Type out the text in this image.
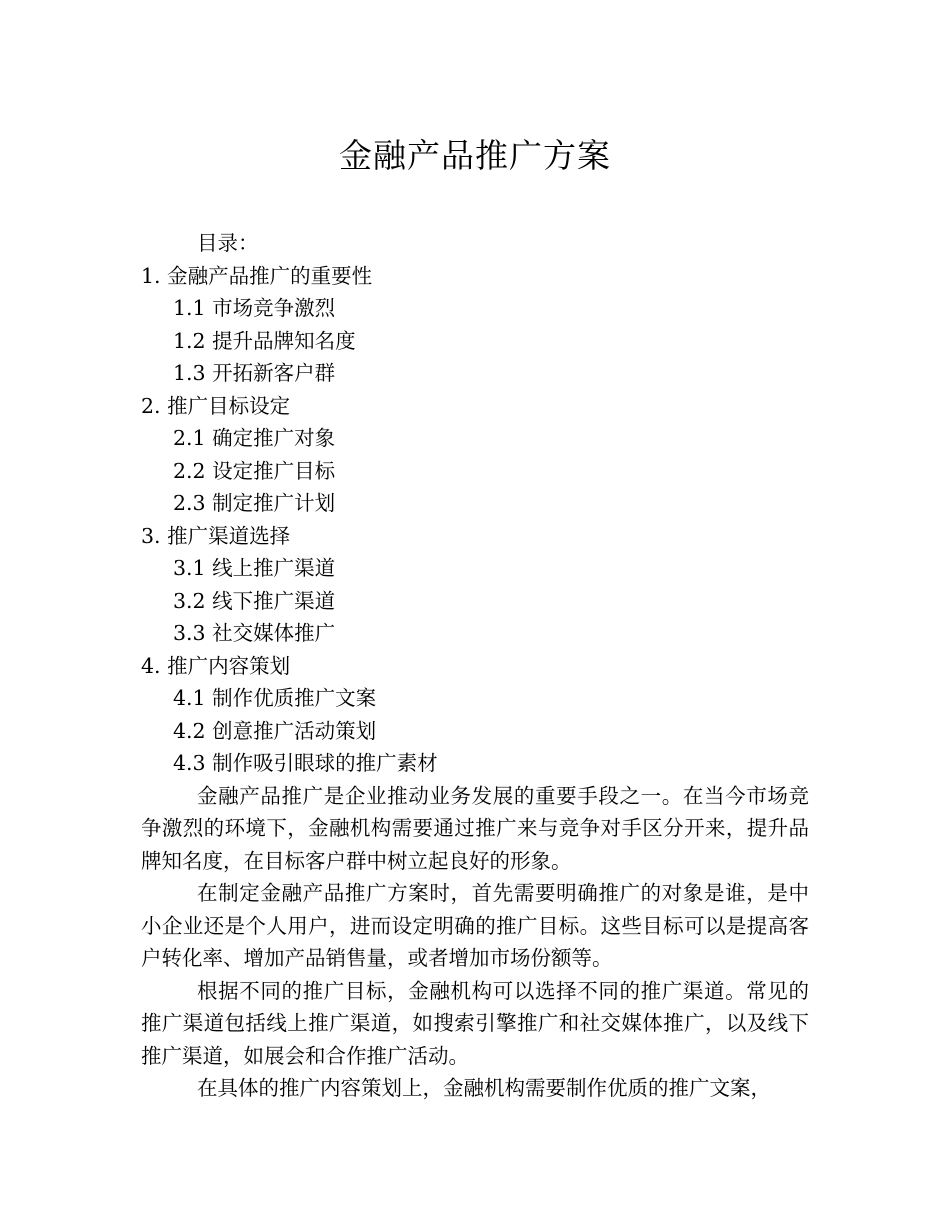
金融产品推广方案
目录：
1. 金融产品推广的重要性
1.1 市场竞争激烈
1.2 提升品牌知名度
1.3 开拓新客户群
2. 推广目标设定
2.1 确定推广对象
2.2 设定推广目标
2.3 制定推广计划
3. 推广渠道选择
3.1 线上推广渠道
3.2 线下推广渠道
3.3 社交媒体推广
4. 推广内容策划
4.1 制作优质推广文案
4.2 创意推广活动策划
4.3 制作吸引眼球的推广素材

金融产品推广是企业推动业务发展的重要手段之一。在当今市场竞争激烈的环境下，金融机构需要通过推广来与竞争对手区分开来，提升品牌知名度，在目标客户群中树立起良好的形象。

在制定金融产品推广方案时，首先需要明确推广的对象是谁，是中小企业还是个人用户，进而设定明确的推广目标。这些目标可以是提高客户转化率、增加产品销售量，或者增加市场份额等。

根据不同的推广目标，金融机构可以选择不同的推广渠道。常见的推广渠道包括线上推广渠道，如搜索引擎推广和社交媒体推广，以及线下推广渠道，如展会和合作推广活动。

在具体的推广内容策划上，金融机构需要制作优质的推广文案，
